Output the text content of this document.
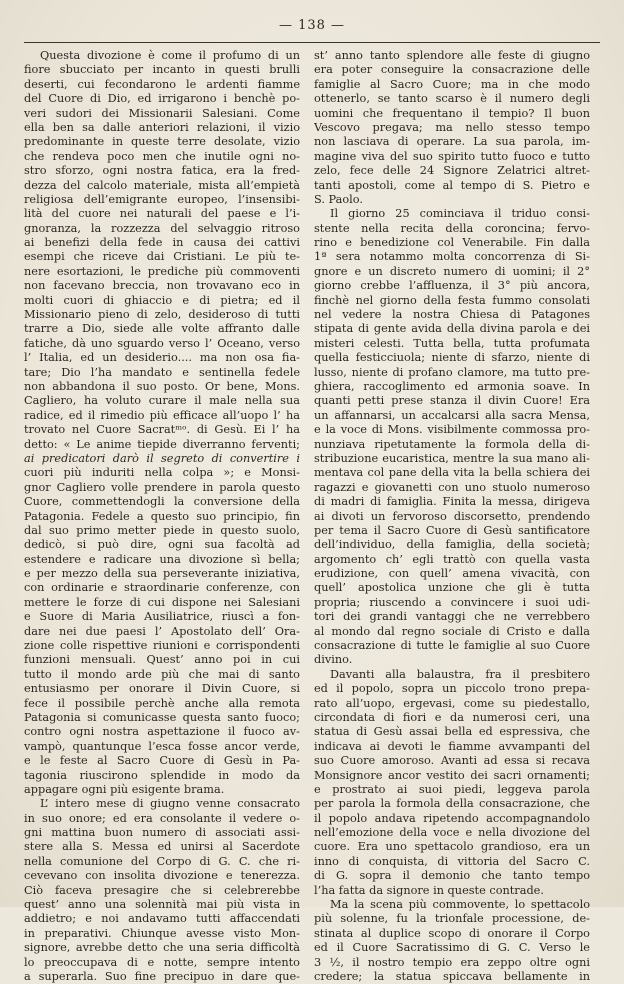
— 138 —
Questa divozione è come il profumo di un
fiore sbucciato per incanto in questi brulli
deserti, cui fecondarono le ardenti fiamme
del Cuore di Dio, ed irrigarono i benchè po-
veri sudori dei Missionarii Salesiani. Come
ella ben sa dalle anteriori relazioni, il vizio
predominante in queste terre desolate, vizio
che rendeva poco men che inutile ogni no-
stro sforzo, ogni nostra fatica, era la fred-
dezza del calcolo materiale, mista all’empietà
religiosa dell’emigrante europeo, l’insensibi-
lità del cuore nei naturali del paese e l’i-
gnoranza, la rozzezza del selvaggio ritroso
ai benefizi della fede in causa dei cattivi
esempi che riceve dai Cristiani. Le più te-
nere esortazioni, le prediche più commoventi
non facevano breccia, non trovavano eco in
molti cuori di ghiaccio e di pietra; ed il
Missionario pieno di zelo, desideroso di tutti
trarre a Dio, siede alle volte affranto dalle
fatiche, dà uno sguardo verso l’ Oceano, verso
l’ Italia, ed un desiderio.... ma non osa fia-
tare; Dio l’ha mandato e sentinella fedele
non abbandona il suo posto. Or bene, Mons.
Cagliero, ha voluto curare il male nella sua
radice, ed il rimedio più efficace all’uopo l’ ha
trovato nel Cuore Sacratᵐᵒ. di Gesù. Ei l’ ha
detto: « Le anime tiepide diverranno ferventi;
ai predicatori darò il segreto di convertire i
cuori più induriti nella colpa »; e Monsi-
gnor Cagliero volle prendere in parola questo
Cuore, commettendogli la conversione della
Patagonia. Fedele a questo suo principio, fin
dal suo primo metter piede in questo suolo,
dedicò, si può dire, ogni sua facoltà ad
estendere e radicare una divozione sì bella;
e per mezzo della sua perseverante iniziativa,
con ordinarie e straordinarie conferenze, con
mettere le forze di cui dispone nei Salesiani
e Suore di Maria Ausiliatrice, riuscì a fon-
dare nei due paesi l’ Apostolato dell’ Ora-
zione colle rispettive riunioni e corrispondenti
funzioni mensuali. Quest’ anno poi in cui
tutto il mondo arde più che mai di santo
entusiasmo per onorare il Divin Cuore, si
fece il possibile perchè anche alla remota
Patagonia si comunicasse questa santo fuoco;
contro ogni nostra aspettazione il fuoco av-
vampò, quantunque l’esca fosse ancor verde,
e le feste al Sacro Cuore di Gesù in Pa-
tagonia riuscirono splendide in modo da
appagare ogni più esigente brama.
L’ intero mese di giugno venne consacrato
in suo onore; ed era consolante il vedere o-
gni mattina buon numero di associati assi-
stere alla S. Messa ed unirsi al Sacerdote
nella comunione del Corpo di G. C. che ri-
cevevano con insolita divozione e tenerezza.
Ciò faceva presagire che si celebrerebbe
quest’ anno una solennità mai più vista in
addietro; e noi andavamo tutti affaccendati
in preparativi. Chiunque avesse visto Mon-
signore, avrebbe detto che una seria difficoltà
lo preoccupava di e notte, sempre intento
a superarla. Suo fine precipuo in dare que-
st’ anno tanto splendore alle feste di giugno
era poter conseguire la consacrazione delle
famiglie al Sacro Cuore; ma in che modo
ottenerlo, se tanto scarso è il numero degli
uomini che frequentano il tempio? Il buon
Vescovo pregava; ma nello stesso tempo
non lasciava di operare. La sua parola, im-
magine viva del suo spirito tutto fuoco e tutto
zelo, fece delle 24 Signore Zelatrici altret-
tanti apostoli, come al tempo di S. Pietro e
S. Paolo.
Il giorno 25 cominciava il triduo consi-
stente nella recita della coroncina; fervo-
rino e benedizione col Venerabile. Fin dalla
1ª sera notammo molta concorrenza di Si-
gnore e un discreto numero di uomini; il 2°
giorno crebbe l’affluenza, il 3° più ancora,
finchè nel giorno della festa fummo consolati
nel vedere la nostra Chiesa di Patagones
stipata di gente avida della divina parola e dei
misteri celesti. Tutta bella, tutta profumata
quella festicciuola; niente di sfarzo, niente di
lusso, niente di profano clamore, ma tutto pre-
ghiera, raccoglimento ed armonia soave. In
quanti petti prese stanza il divin Cuore! Era
un affannarsi, un accalcarsi alla sacra Mensa,
e la voce di Mons. visibilmente commossa pro-
nunziava ripetutamente la formola della di-
stribuzione eucaristica, mentre la sua mano ali-
mentava col pane della vita la bella schiera dei
ragazzi e giovanetti con uno stuolo numeroso
di madri di famiglia. Finita la messa, dirigeva
ai divoti un fervoroso discorsetto, prendendo
per tema il Sacro Cuore di Gesù santificatore
dell’individuo, della famiglia, della società;
argomento ch’ egli trattò con quella vasta
erudizione, con quell’ amena vivacità, con
quell’ apostolica unzione che gli è tutta
propria; riuscendo a convincere i suoi udi-
tori dei grandi vantaggi che ne verrebbero
al mondo dal regno sociale di Cristo e dalla
consacrazione di tutte le famiglie al suo Cuore
divino.
Davanti alla balaustra, fra il presbitero
ed il popolo, sopra un piccolo trono prepa-
rato all’uopo, ergevasi, come su piedestallo,
circondata di fiori e da numerosi ceri, una
statua di Gesù assai bella ed espressiva, che
indicava ai devoti le fiamme avvampanti del
suo Cuore amoroso. Avanti ad essa si recava
Monsignore ancor vestito dei sacri ornamenti;
e prostrato ai suoi piedi, leggeva parola
per parola la formola della consacrazione, che
il popolo andava ripetendo accompagnandolo
nell’emozione della voce e nella divozione del
cuore. Era uno spettacolo grandioso, era un
inno di conquista, di vittoria del Sacro C.
di G. sopra il demonio che tanto tempo
l’ha fatta da signore in queste contrade.
Ma la scena più commovente, lo spettacolo
più solenne, fu la trionfale processione, de-
stinata al duplice scopo di onorare il Corpo
ed il Cuore Sacratissimo di G. C. Verso le
3 ½, il nostro tempio era zeppo oltre ogni
credere; la statua spiccava bellamente in
